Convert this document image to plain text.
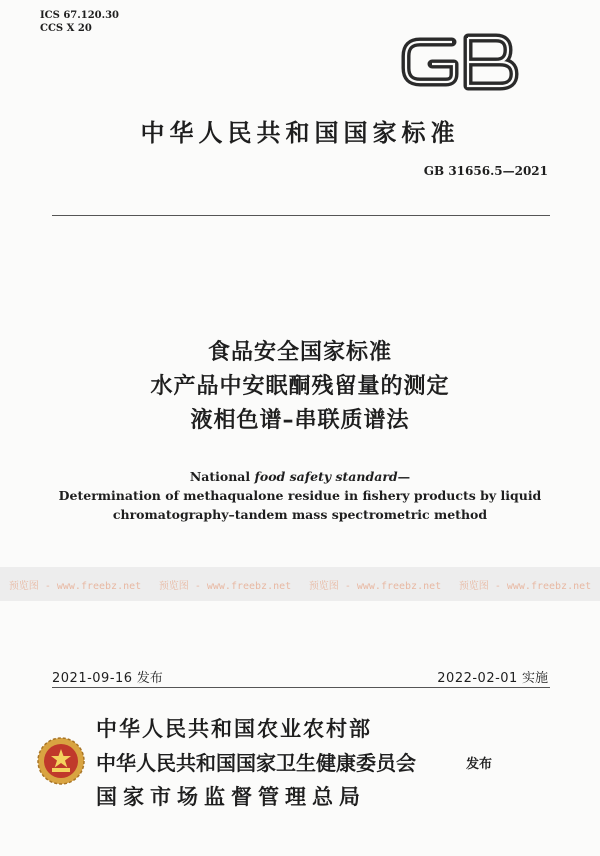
ICS 67.120.30
CCS X 20
中华人民共和国国家标准
GB 31656.5—2021
食品安全国家标准
水产品中安眠酮残留量的测定
液相色谱–串联质谱法
National food safety standard—
Determination of methaqualone residue in fishery products by liquid
chromatography–tandem mass spectrometric method
预览图 - www.freebz.net 预览图 - www.freebz.net 预览图 - www.freebz.net 预览图 - www.freebz.net
2021-09-16 发布	2022-02-01 实施
中华人民共和国农业农村部
中华人民共和国国家卫生健康委员会
国家市场监督管理总局
发布
